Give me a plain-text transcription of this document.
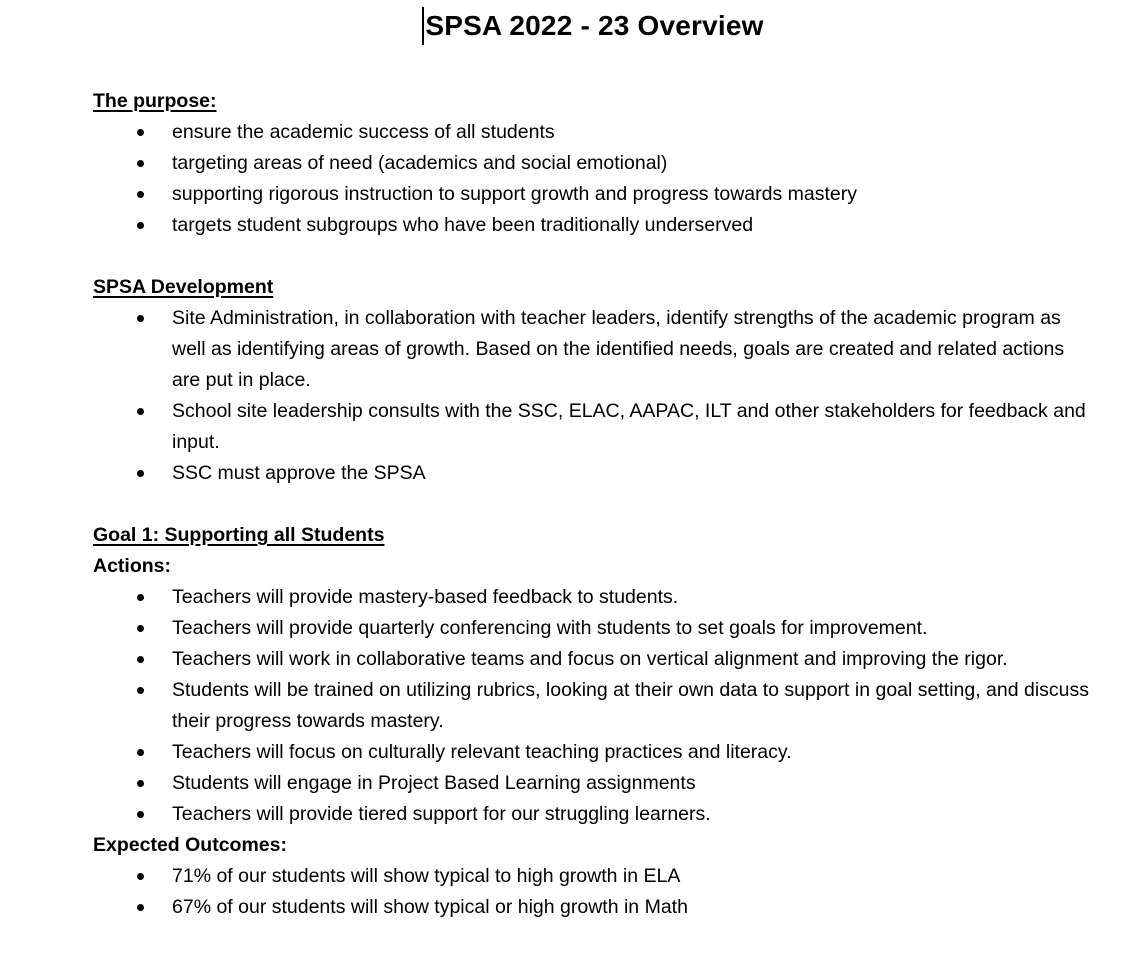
SPSA 2022 - 23 Overview
The purpose:
ensure the academic success of all students
targeting areas of need (academics and social emotional)
supporting rigorous instruction to support growth and progress towards mastery
targets student subgroups who have been traditionally underserved
SPSA Development
Site Administration, in collaboration with teacher leaders, identify strengths of the academic program as well as identifying areas of growth. Based on the identified needs, goals are created and related actions are put in place.
School site leadership consults with the SSC, ELAC, AAPAC, ILT and other stakeholders for feedback and input.
SSC must approve the SPSA
Goal 1: Supporting all Students

Actions:

Teachers will provide mastery-based feedback to students.
Teachers will provide quarterly conferencing with students to set goals for improvement.
Teachers will work in collaborative teams and focus on vertical alignment and improving the rigor.
Students will be trained on utilizing rubrics, looking at their own data to support in goal setting, and discuss their progress towards mastery.
Teachers will focus on culturally relevant teaching practices and literacy.
Students will engage in Project Based Learning assignments
Teachers will provide tiered support for our struggling learners.

Expected Outcomes:

71% of our students will show typical to high growth in ELA
67% of our students will show typical or high growth in Math
